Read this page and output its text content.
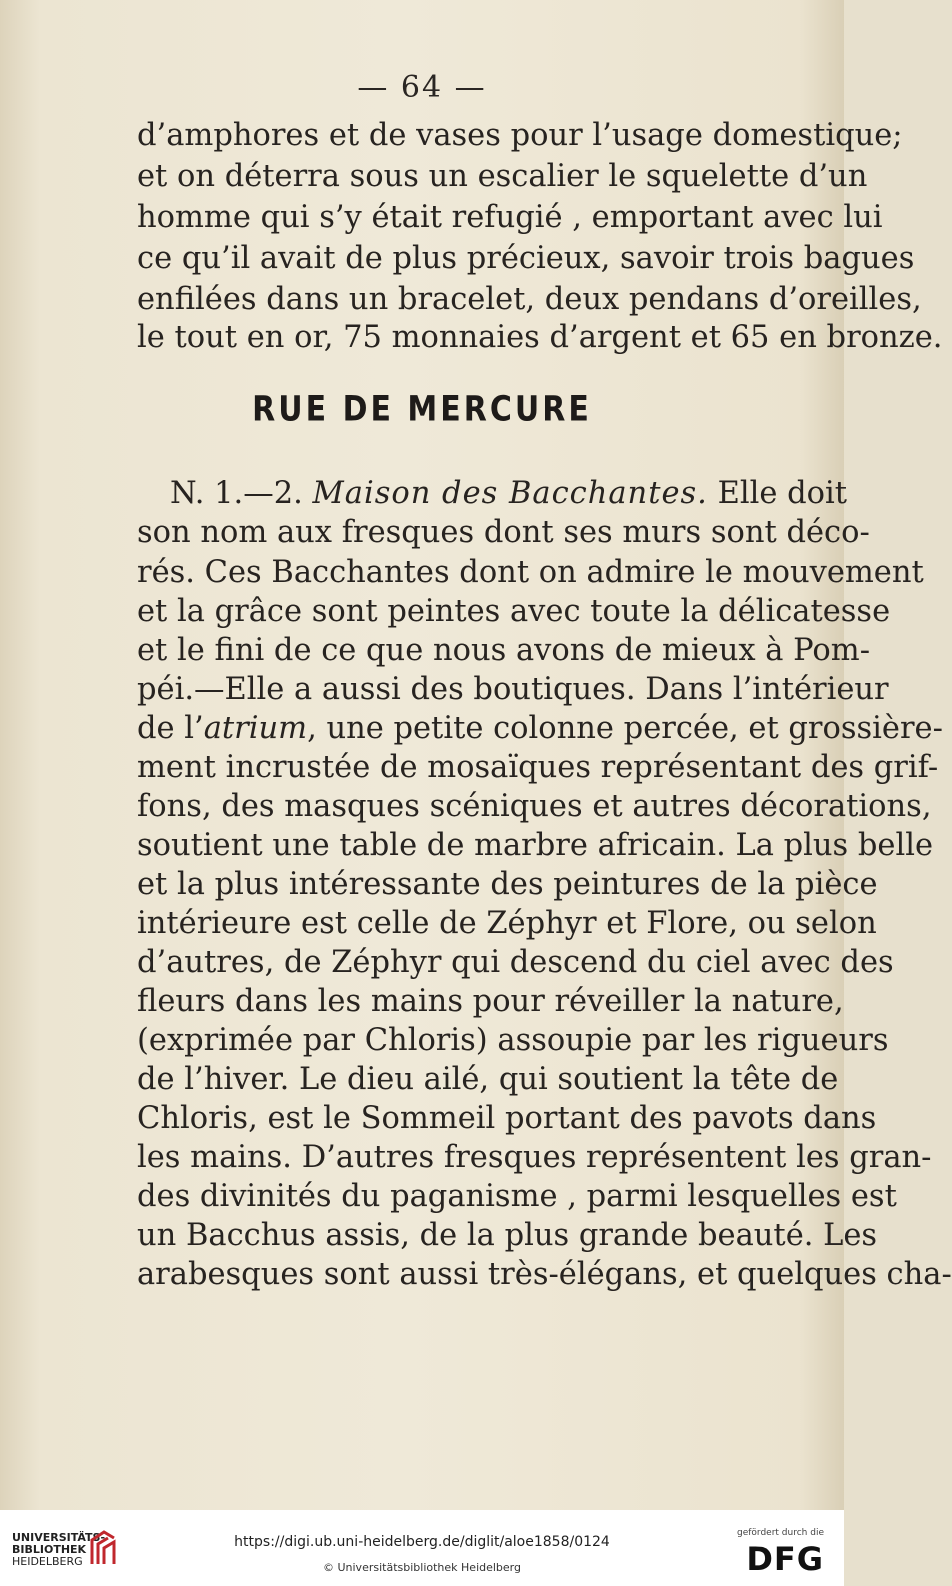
— 64 —
d’amphores et de vases pour l’usage domestique;
et on déterra sous un escalier le squelette d’un
homme qui s’y était refugié , emportant avec lui
ce qu’il avait de plus précieux, savoir trois bagues
enfilées dans un bracelet, deux pendans d’oreilles,
le tout en or, 75 monnaies d’argent et 65 en bronze.
RUE DE MERCURE
N. 1.—2. Maison des Bacchantes. Elle doit
son nom aux fresques dont ses murs sont déco-
rés. Ces Bacchantes dont on admire le mouvement
et la grâce sont peintes avec toute la délicatesse
et le fini de ce que nous avons de mieux à Pom-
péi.—Elle a aussi des boutiques. Dans l’intérieur
de l’atrium, une petite colonne percée, et grossière-
ment incrustée de mosaïques représentant des grif-
fons, des masques scéniques et autres décorations,
soutient une table de marbre africain. La plus belle
et la plus intéressante des peintures de la pièce
intérieure est celle de Zéphyr et Flore, ou selon
d’autres, de Zéphyr qui descend du ciel avec des
fleurs dans les mains pour réveiller la nature,
(exprimée par Chloris) assoupie par les rigueurs
de l’hiver. Le dieu ailé, qui soutient la tête de
Chloris, est le Sommeil portant des pavots dans
les mains. D’autres fresques représentent les gran-
des divinités du paganisme , parmi lesquelles est
un Bacchus assis, de la plus grande beauté. Les
arabesques sont aussi très-élégans, et quelques cha-
UNIVERSITÄTS-
BIBLIOTHEK
HEIDELBERG
https://digi.ub.uni-heidelberg.de/diglit/aloe1858/0124
© Universitätsbibliothek Heidelberg
gefördert durch die
DFG
